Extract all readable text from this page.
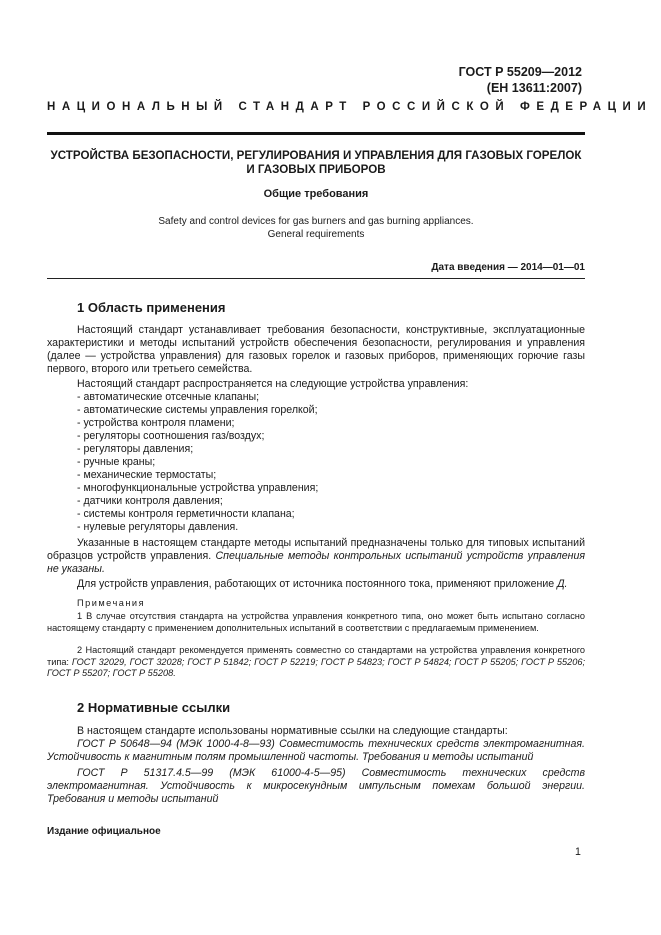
ГОСТ Р 55209—2012
(ЕН 13611:2007)
НАЦИОНАЛЬНЫЙ СТАНДАРТ РОССИЙСКОЙ ФЕДЕРАЦИИ
УСТРОЙСТВА БЕЗОПАСНОСТИ, РЕГУЛИРОВАНИЯ И УПРАВЛЕНИЯ ДЛЯ ГАЗОВЫХ ГОРЕЛОК
И ГАЗОВЫХ ПРИБОРОВ
Общие требования
Safety and control devices for gas burners and gas burning appliances.
General requirements
Дата введения — 2014—01—01
1 Область применения
Настоящий стандарт устанавливает требования безопасности, конструктивные, эксплуатационные характеристики и методы испытаний устройств обеспечения безопасности, регулирования и управления (далее — устройства управления) для газовых горелок и газовых приборов, применяющих горючие газы первого, второго или третьего семейства.
Настоящий стандарт распространяется на следующие устройства управления:
- автоматические отсечные клапаны;
- автоматические системы управления горелкой;
- устройства контроля пламени;
- регуляторы соотношения газ/воздух;
- регуляторы давления;
- ручные краны;
- механические термостаты;
- многофункциональные устройства управления;
- датчики контроля давления;
- системы контроля герметичности клапана;
- нулевые регуляторы давления.
Указанные в настоящем стандарте методы испытаний предназначены только для типовых испытаний образцов устройств управления. Специальные методы контрольных испытаний устройств управления не указаны.
Для устройств управления, работающих от источника постоянного тока, применяют приложение Д.
Примечания
1 В случае отсутствия стандарта на устройства управления конкретного типа, оно может быть испытано согласно настоящему стандарту с применением дополнительных испытаний в соответствии с предлагаемым применением.
2 Настоящий стандарт рекомендуется применять совместно со стандартами на устройства управления конкретного типа: ГОСТ 32029, ГОСТ 32028; ГОСТ Р 51842; ГОСТ Р 52219; ГОСТ Р 54823; ГОСТ Р 54824; ГОСТ Р 55205; ГОСТ Р 55206; ГОСТ Р 55207; ГОСТ Р 55208.
2 Нормативные ссылки
В настоящем стандарте использованы нормативные ссылки на следующие стандарты:
ГОСТ Р 50648—94 (МЭК 1000-4-8—93) Совместимость технических средств электромагнитная. Устойчивость к магнитным полям промышленной частоты. Требования и методы испытаний
ГОСТ Р 51317.4.5—99 (МЭК 61000-4-5—95) Совместимость технических средств электромагнитная. Устойчивость к микросекундным импульсным помехам большой энергии. Требования и методы испытаний
Издание официальное
1
